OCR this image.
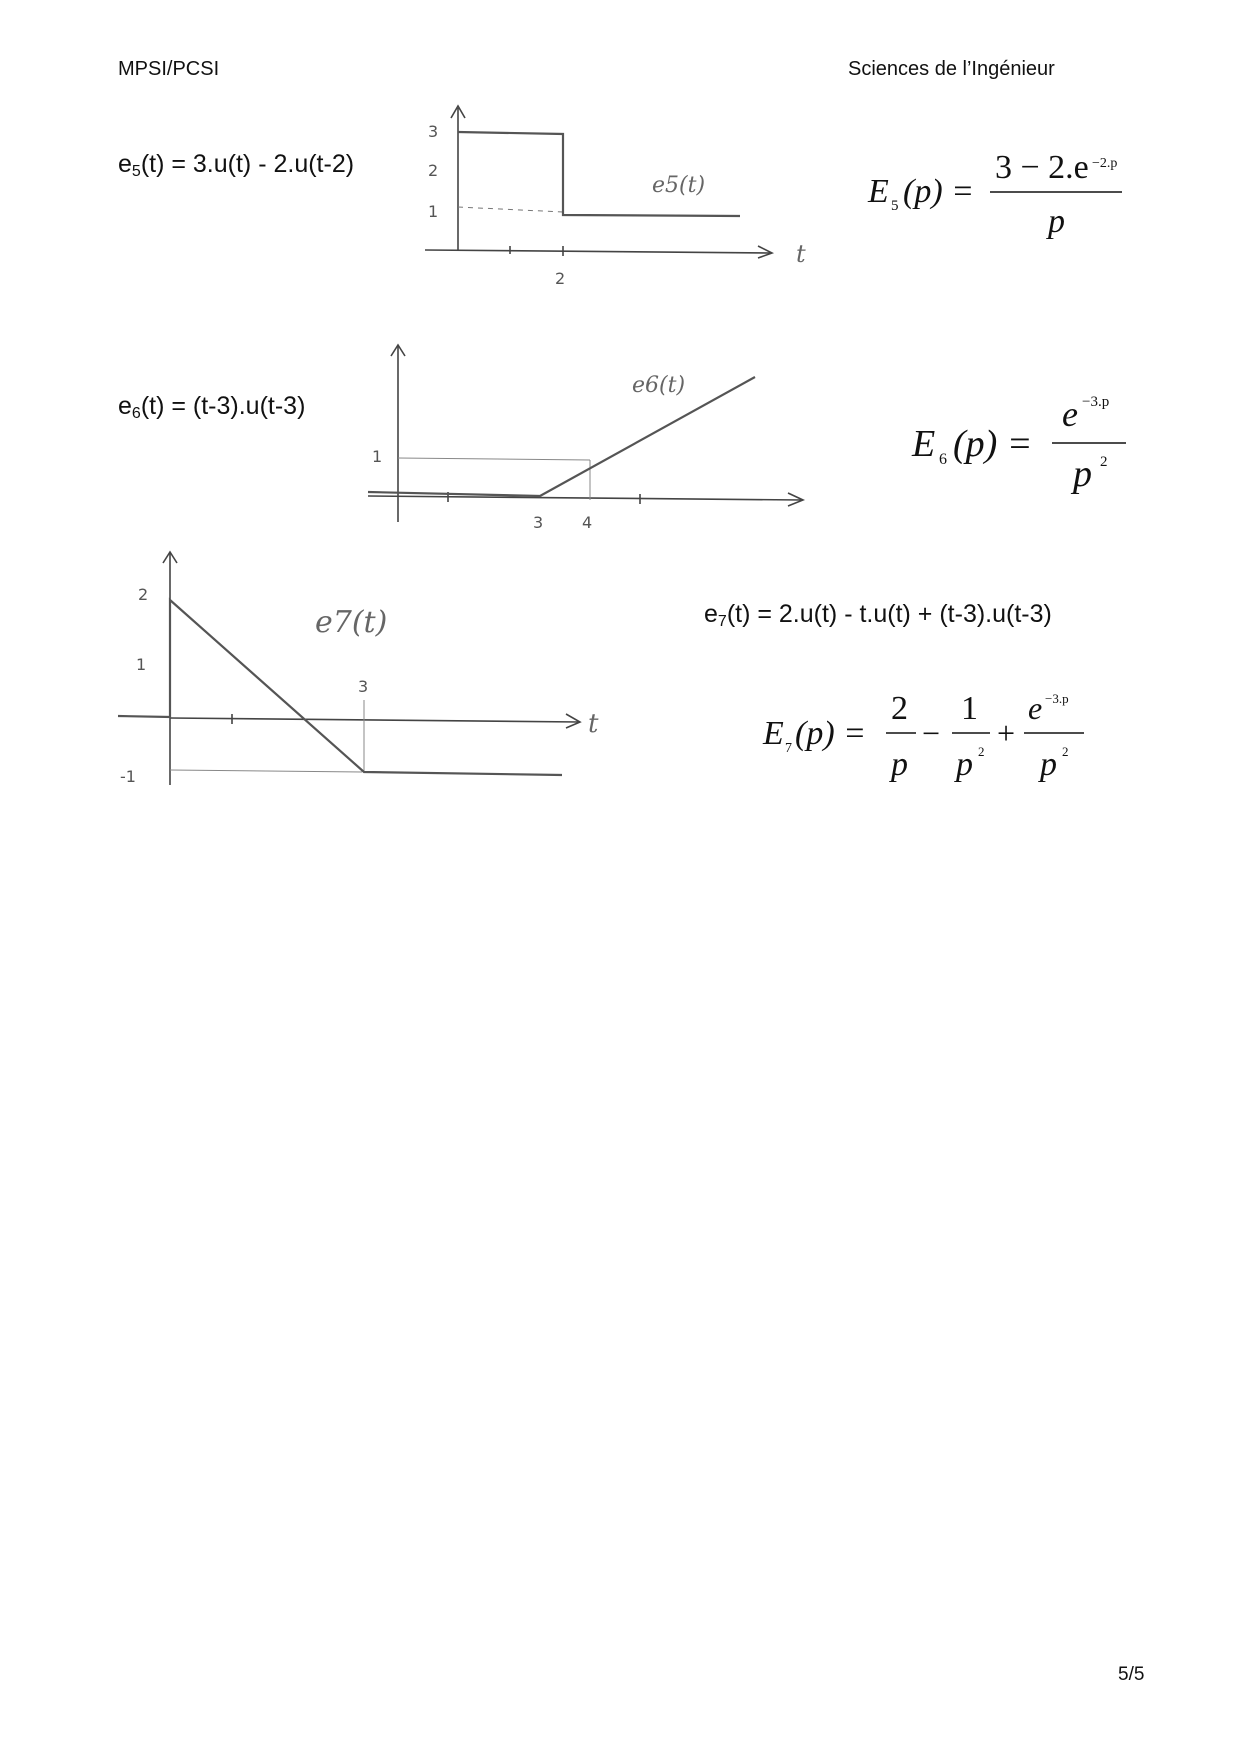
MPSI/PCSI	Sciences de l’Ingénieur
$e_5(t) = 3.u(t) - 2.u(t-2)$
$e_6(t) = (t-3).u(t-3)$
$e_7(t) = 2.u(t) - t.u(t) + (t-3).u(t-3)$
5/5
3
2
1
2
e5(t)
t
E 5 (p) =
3 − 2.e −2.p
p
1
3 4
e6(t)
E 6 (p) =
e −3.p
p 2
2
1
-1
3
e7(t)
t	E 7 (p) =
2
p
−
1
p 2
+
e −3.p
p 2
